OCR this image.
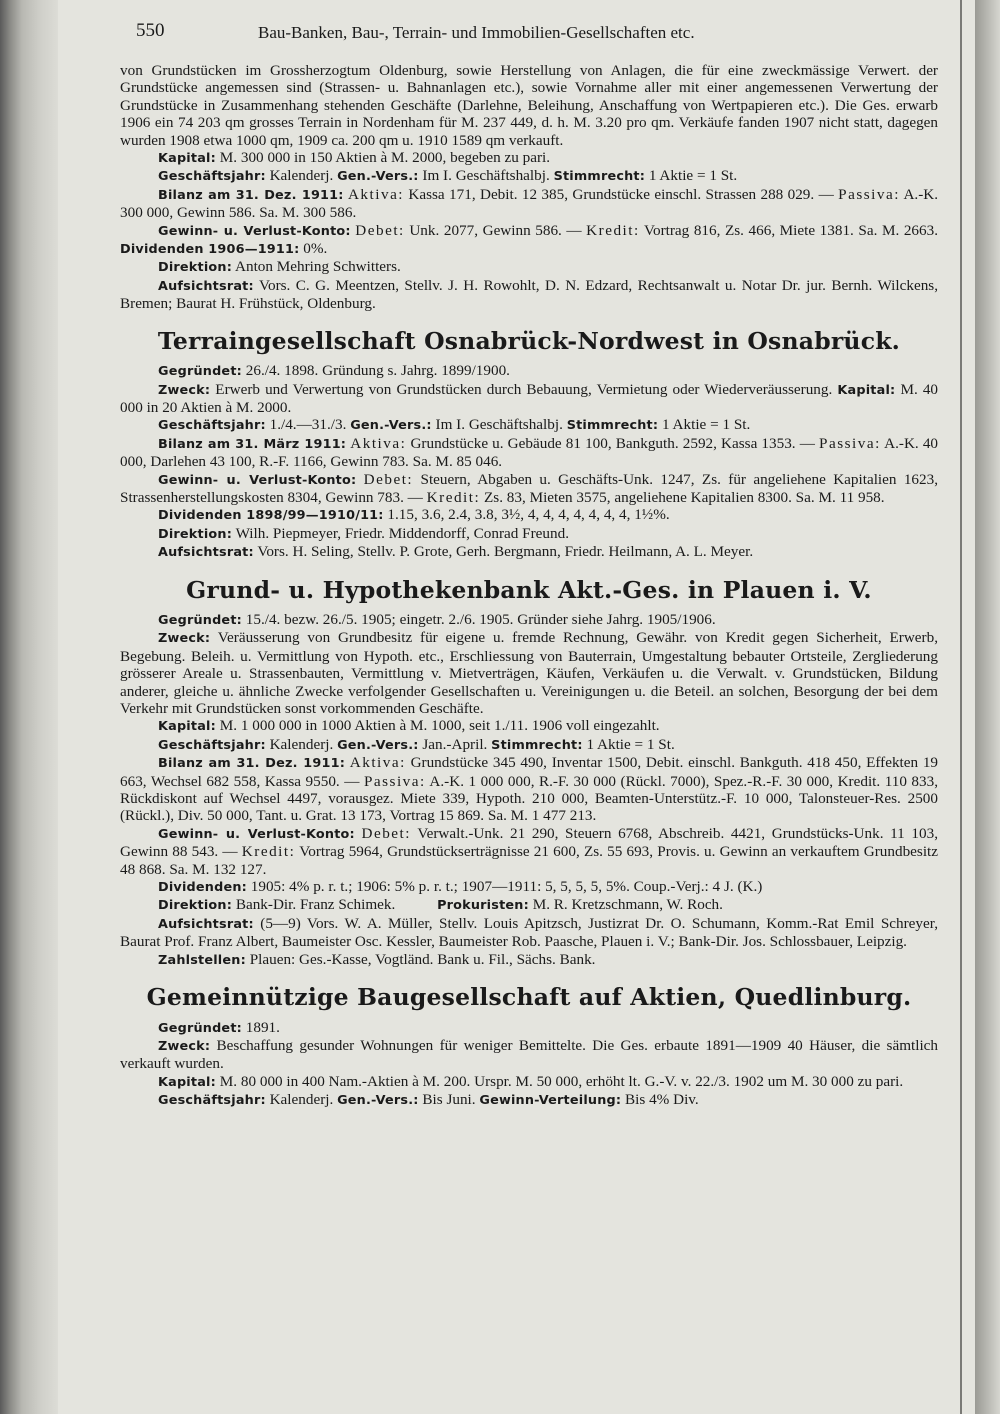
550	Bau-Banken, Bau-, Terrain- und Immobilien-Gesellschaften etc.

von Grundstücken im Grossherzogtum Oldenburg, sowie Herstellung von Anlagen, die für eine zweckmässige Verwert. der Grundstücke angemessen sind (Strassen- u. Bahnanlagen etc.), sowie Vornahme aller mit einer angemessenen Verwertung der Grundstücke in Zusammenhang stehenden Geschäfte (Darlehne, Beleihung, Anschaffung von Wertpapieren etc.). Die Ges. erwarb 1906 ein 74 203 qm grosses Terrain in Nordenham für M. 237 449, d. h. M. 3.20 pro qm. Verkäufe fanden 1907 nicht statt, dagegen wurden 1908 etwa 1000 qm, 1909 ca. 200 qm u. 1910 1589 qm verkauft.

Kapital: M. 300 000 in 150 Aktien à M. 2000, begeben zu pari.

Geschäftsjahr: Kalenderj. Gen.-Vers.: Im I. Geschäftshalbj. Stimmrecht: 1 Aktie = 1 St.

Bilanz am 31. Dez. 1911: Aktiva: Kassa 171, Debit. 12 385, Grundstücke einschl. Strassen 288 029. — Passiva: A.-K. 300 000, Gewinn 586. Sa. M. 300 586.

Gewinn- u. Verlust-Konto: Debet: Unk. 2077, Gewinn 586. — Kredit: Vortrag 816, Zs. 466, Miete 1381. Sa. M. 2663. Dividenden 1906—1911: 0%.

Direktion: Anton Mehring Schwitters.

Aufsichtsrat: Vors. C. G. Meentzen, Stellv. J. H. Rowohlt, D. N. Edzard, Rechtsanwalt u. Notar Dr. jur. Bernh. Wilckens, Bremen; Baurat H. Frühstück, Oldenburg.

Terraingesellschaft Osnabrück-Nordwest in Osnabrück.

Gegründet: 26./4. 1898. Gründung s. Jahrg. 1899/1900.

Zweck: Erwerb und Verwertung von Grundstücken durch Bebauung, Vermietung oder Wiederveräusserung. Kapital: M. 40 000 in 20 Aktien à M. 2000.

Geschäftsjahr: 1./4.—31./3. Gen.-Vers.: Im I. Geschäftshalbj. Stimmrecht: 1 Aktie = 1 St.

Bilanz am 31. März 1911: Aktiva: Grundstücke u. Gebäude 81 100, Bankguth. 2592, Kassa 1353. — Passiva: A.-K. 40 000, Darlehen 43 100, R.-F. 1166, Gewinn 783. Sa. M. 85 046.

Gewinn- u. Verlust-Konto: Debet: Steuern, Abgaben u. Geschäfts-Unk. 1247, Zs. für angeliehene Kapitalien 1623, Strassenherstellungskosten 8304, Gewinn 783. — Kredit: Zs. 83, Mieten 3575, angeliehene Kapitalien 8300. Sa. M. 11 958.

Dividenden 1898/99—1910/11: 1.15, 3.6, 2.4, 3.8, 3½, 4, 4, 4, 4, 4, 4, 4, 1½%.

Direktion: Wilh. Piepmeyer, Friedr. Middendorff, Conrad Freund.

Aufsichtsrat: Vors. H. Seling, Stellv. P. Grote, Gerh. Bergmann, Friedr. Heilmann, A. L. Meyer.

Grund- u. Hypothekenbank Akt.-Ges. in Plauen i. V.

Gegründet: 15./4. bezw. 26./5. 1905; eingetr. 2./6. 1905. Gründer siehe Jahrg. 1905/1906.

Zweck: Veräusserung von Grundbesitz für eigene u. fremde Rechnung, Gewähr. von Kredit gegen Sicherheit, Erwerb, Begebung. Beleih. u. Vermittlung von Hypoth. etc., Erschliessung von Bauterrain, Umgestaltung bebauter Ortsteile, Zergliederung grösserer Areale u. Strassenbauten, Vermittlung v. Mietverträgen, Käufen, Verkäufen u. die Verwalt. v. Grundstücken, Bildung anderer, gleiche u. ähnliche Zwecke verfolgender Gesellschaften u. Vereinigungen u. die Beteil. an solchen, Besorgung der bei dem Verkehr mit Grundstücken sonst vorkommenden Geschäfte.

Kapital: M. 1 000 000 in 1000 Aktien à M. 1000, seit 1./11. 1906 voll eingezahlt.

Geschäftsjahr: Kalenderj. Gen.-Vers.: Jan.-April. Stimmrecht: 1 Aktie = 1 St.

Bilanz am 31. Dez. 1911: Aktiva: Grundstücke 345 490, Inventar 1500, Debit. einschl. Bankguth. 418 450, Effekten 19 663, Wechsel 682 558, Kassa 9550. — Passiva: A.-K. 1 000 000, R.-F. 30 000 (Rückl. 7000), Spez.-R.-F. 30 000, Kredit. 110 833, Rückdiskont auf Wechsel 4497, vorausgez. Miete 339, Hypoth. 210 000, Beamten-Unterstütz.-F. 10 000, Talonsteuer-Res. 2500 (Rückl.), Div. 50 000, Tant. u. Grat. 13 173, Vortrag 15 869. Sa. M. 1 477 213.

Gewinn- u. Verlust-Konto: Debet: Verwalt.-Unk. 21 290, Steuern 6768, Abschreib. 4421, Grundstücks-Unk. 11 103, Gewinn 88 543. — Kredit: Vortrag 5964, Grundstückserträgnisse 21 600, Zs. 55 693, Provis. u. Gewinn an verkauftem Grundbesitz 48 868. Sa. M. 132 127.

Dividenden: 1905: 4% p. r. t.; 1906: 5% p. r. t.; 1907—1911: 5, 5, 5, 5, 5%. Coup.-Verj.: 4 J. (K.)

Direktion: Bank-Dir. Franz Schimek.	Prokuristen: M. R. Kretzschmann, W. Roch.

Aufsichtsrat: (5—9) Vors. W. A. Müller, Stellv. Louis Apitzsch, Justizrat Dr. O. Schumann, Komm.-Rat Emil Schreyer, Baurat Prof. Franz Albert, Baumeister Osc. Kessler, Baumeister Rob. Paasche, Plauen i. V.; Bank-Dir. Jos. Schlossbauer, Leipzig.

Zahlstellen: Plauen: Ges.-Kasse, Vogtländ. Bank u. Fil., Sächs. Bank.

Gemeinnützige Baugesellschaft auf Aktien, Quedlinburg.

Gegründet: 1891.

Zweck: Beschaffung gesunder Wohnungen für weniger Bemittelte. Die Ges. erbaute 1891—1909 40 Häuser, die sämtlich verkauft wurden.

Kapital: M. 80 000 in 400 Nam.-Aktien à M. 200. Urspr. M. 50 000, erhöht lt. G.-V. v. 22./3. 1902 um M. 30 000 zu pari.

Geschäftsjahr: Kalenderj. Gen.-Vers.: Bis Juni. Gewinn-Verteilung: Bis 4% Div.
